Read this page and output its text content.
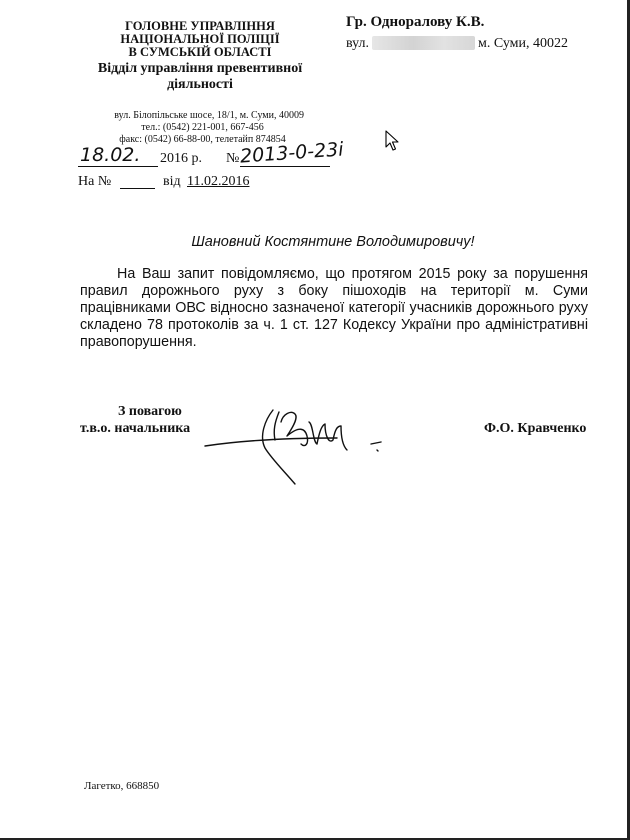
ГОЛОВНЕ УПРАВЛІННЯ
НАЦІОНАЛЬНОЇ ПОЛІЦІЇ
В СУМСЬКІЙ ОБЛАСТІ
Відділ управління превентивної
діяльності
вул. Білопільське шосе, 18/1, м. Суми, 40009
тел.: (0542) 221-001, 667-456
факс: (0542) 66-88-00, телетайп 874854
Гр. Одноралову К.В.
вул.	м. Суми, 40022
18.02. 2016 р. № 2013-0-23і
На №	від 11.02.2016
Шановний Костянтине Володимировичу!

На Ваш запит повідомляємо, що протягом 2015 року за порушення правил дорожнього руху з боку пішоходів на території м. Суми працівниками ОВС відносно зазначеної категорії учасників дорожнього руху складено 78 протоколів за ч. 1 ст. 127 Кодексу України про адміністративні правопорушення.

З повагою
т.в.о. начальника	Ф.О. Кравченко
Лагетко, 668850
